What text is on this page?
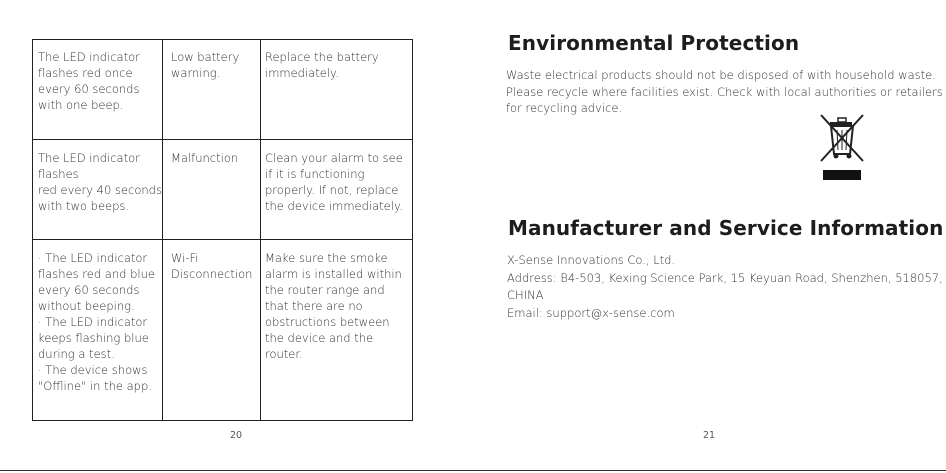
The LED indicator
flashes red once
every 60 seconds
with one beep.
Low battery
warning.
Replace the battery
immediately.
The LED indicator
flashes
red every 40 seconds
with two beeps.
Malfunction	Clean your alarm to see
if it is functioning
properly. If not, replace
the device immediately.
· The LED indicator
flashes red and blue
every 60 seconds
without beeping.
· The LED indicator
keeps flashing blue
during a test.
· The device shows
"Offline" in the app.
Wi-Fi
Disconnection
Make sure the smoke
alarm is installed within
the router range and
that there are no
obstructions between
the device and the
router.
20
Environmental Protection
Waste electrical products should not be disposed of with household waste.
Please recycle where facilities exist. Check with local authorities or retailers
for recycling advice.
Manufacturer and Service Information
X-Sense Innovations Co., Ltd.
Address: B4-503, Kexing Science Park, 15 Keyuan Road, Shenzhen, 518057,
CHINA
Email: support@x-sense.com
21
